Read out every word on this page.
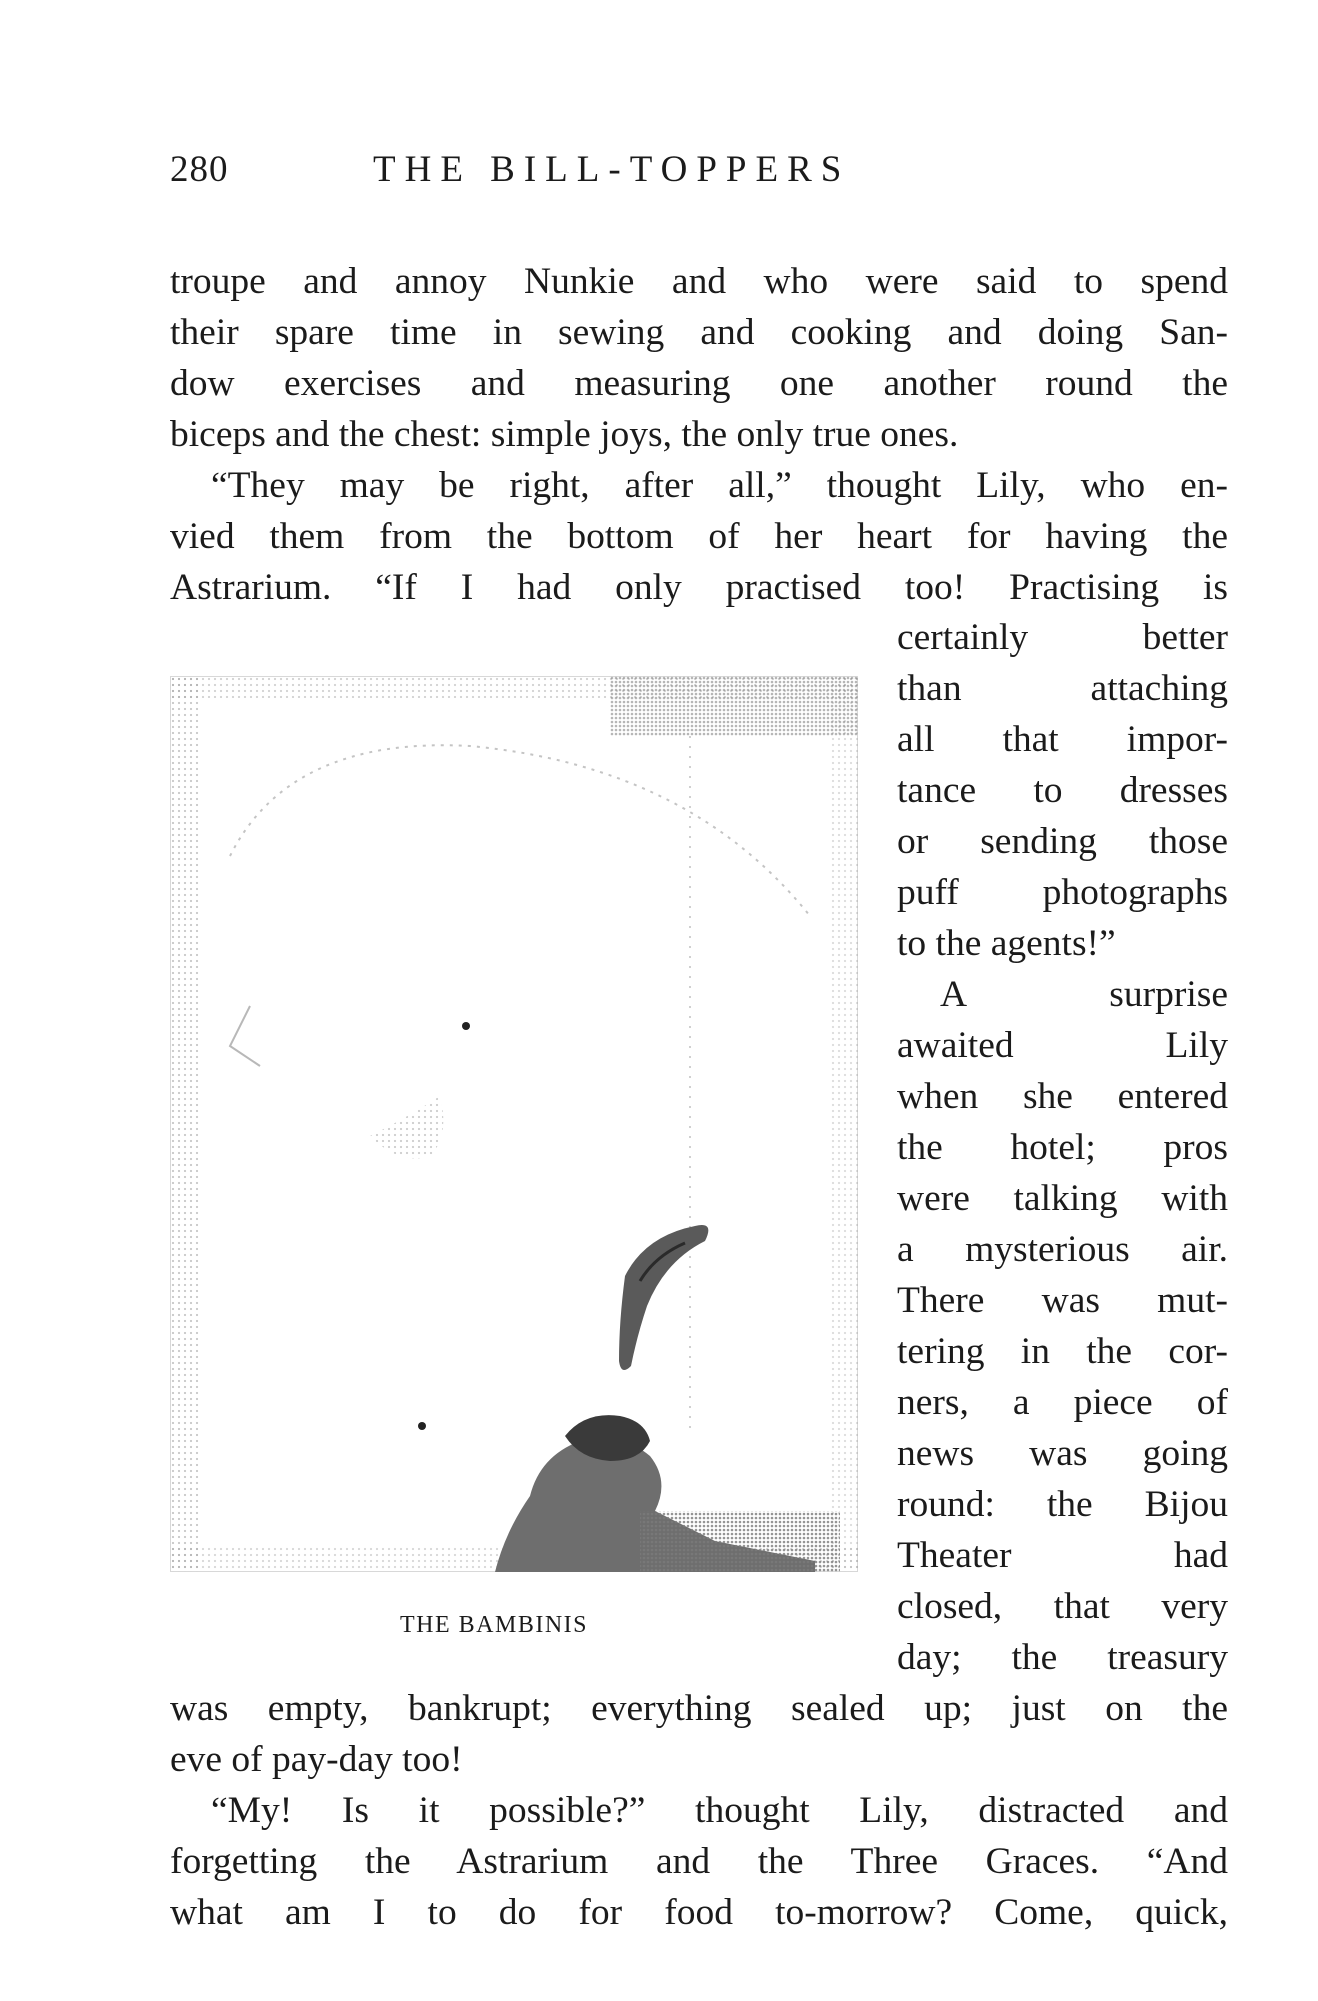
280	THE BILL-TOPPERS
troupe and annoy Nunkie and who were said to spend
their spare time in sewing and cooking and doing San-
dow exercises and measuring one another round the
biceps and the chest: simple joys, the only true ones.
“They may be right, after all,” thought Lily, who en-
vied them from the bottom of her heart for having the
Astrarium. “If I had only practised too! Practising is
certainly better
than attaching
all that impor-
tance to dresses
or sending those
puff photographs
to the agents!”
A surprise
awaited Lily
when she entered
the hotel; pros
were talking with
a mysterious air.
There was mut-
tering in the cor-
ners, a piece of
news was going
round: the Bijou
Theater had
closed, that very
day; the treasury
was empty, bankrupt; everything sealed up; just on the
eve of pay-day too!
“My! Is it possible?” thought Lily, distracted and
forgetting the Astrarium and the Three Graces. “And
what am I to do for food to-morrow? Come, quick,
THE BAMBINIS
